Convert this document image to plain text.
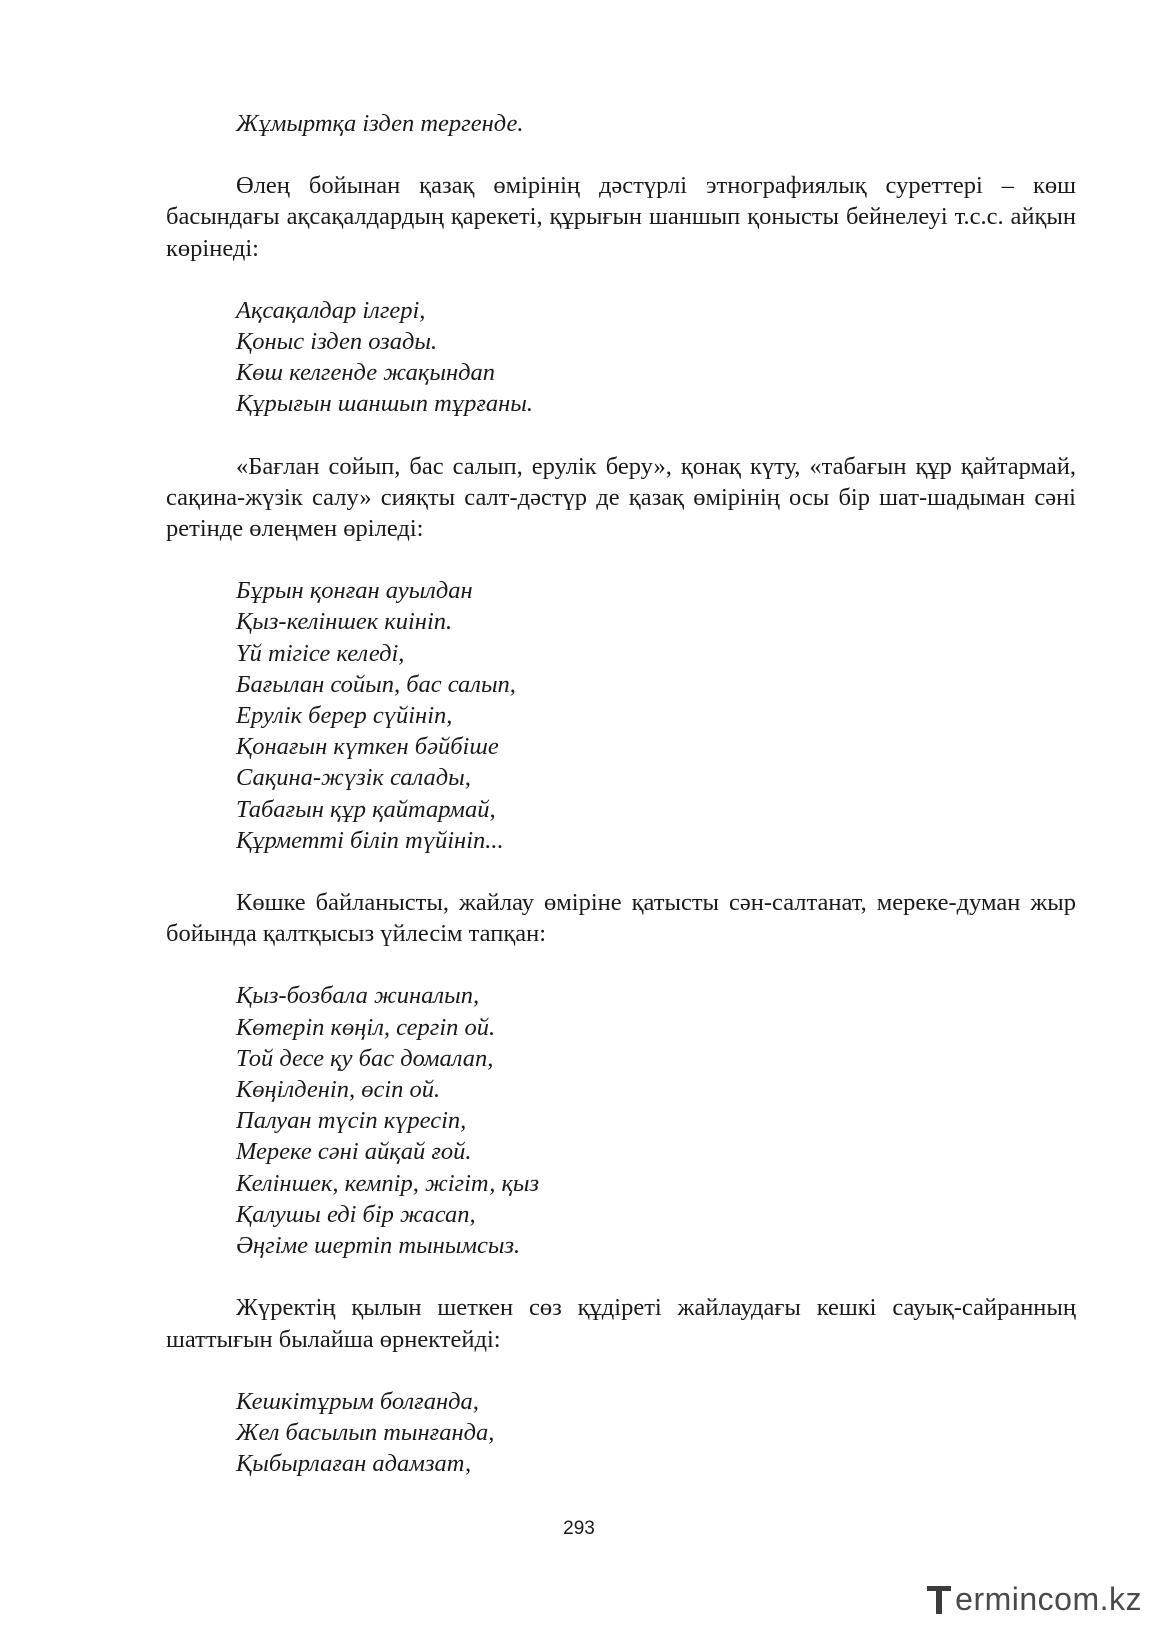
Жұмыртқа іздеп тергенде.

Өлең бойынан қазақ өмірінің дәстүрлі этнографиялық суреттері – көш басындағы ақсақалдардың қарекеті, құрығын шаншып қонысты бейнелеуі т.с.с. айқын көрінеді:

Ақсақалдар ілгері,
Қоныс іздеп озады.
Көш келгенде жақындап
Құрығын шаншып тұрғаны.

«Бағлан сойып, бас салып, ерулік беру», қонақ күту, «табағын құр қайтармай, сақина-жүзік салу» сияқты салт-дәстүр де қазақ өмірінің осы бір шат-шадыман сәні ретінде өлеңмен өріледі:

Бұрын қонған ауылдан
Қыз-келіншек киініп.
Үй тігісе келеді,
Бағылан сойып, бас салып,
Ерулік берер сүйініп,
Қонағын күткен бәйбіше
Сақина-жүзік салады,
Табағын құр қайтармай,
Құрметті біліп түйініп...

Көшке байланысты, жайлау өміріне қатысты сән-салтанат, мереке-думан жыр бойында қалтқысыз үйлесім тапқан:

Қыз-бозбала жиналып,
Көтеріп көңіл, сергіп ой.
Той десе қу бас домалап,
Көңілденіп, өсіп ой.
Палуан түсіп күресіп,
Мереке сәні айқай ғой.
Келіншек, кемпір, жігіт, қыз
Қалушы еді бір жасап,
Әңгіме шертіп тынымсыз.

Жүректің қылын шеткен сөз құдіреті жайлаудағы кешкі сауық-сайранның шаттығын былайша өрнектейді:

Кешкітұрым болғанда,
Жел басылып тынғанда,
Қыбырлаған адамзат,
293
ermincom .kz
